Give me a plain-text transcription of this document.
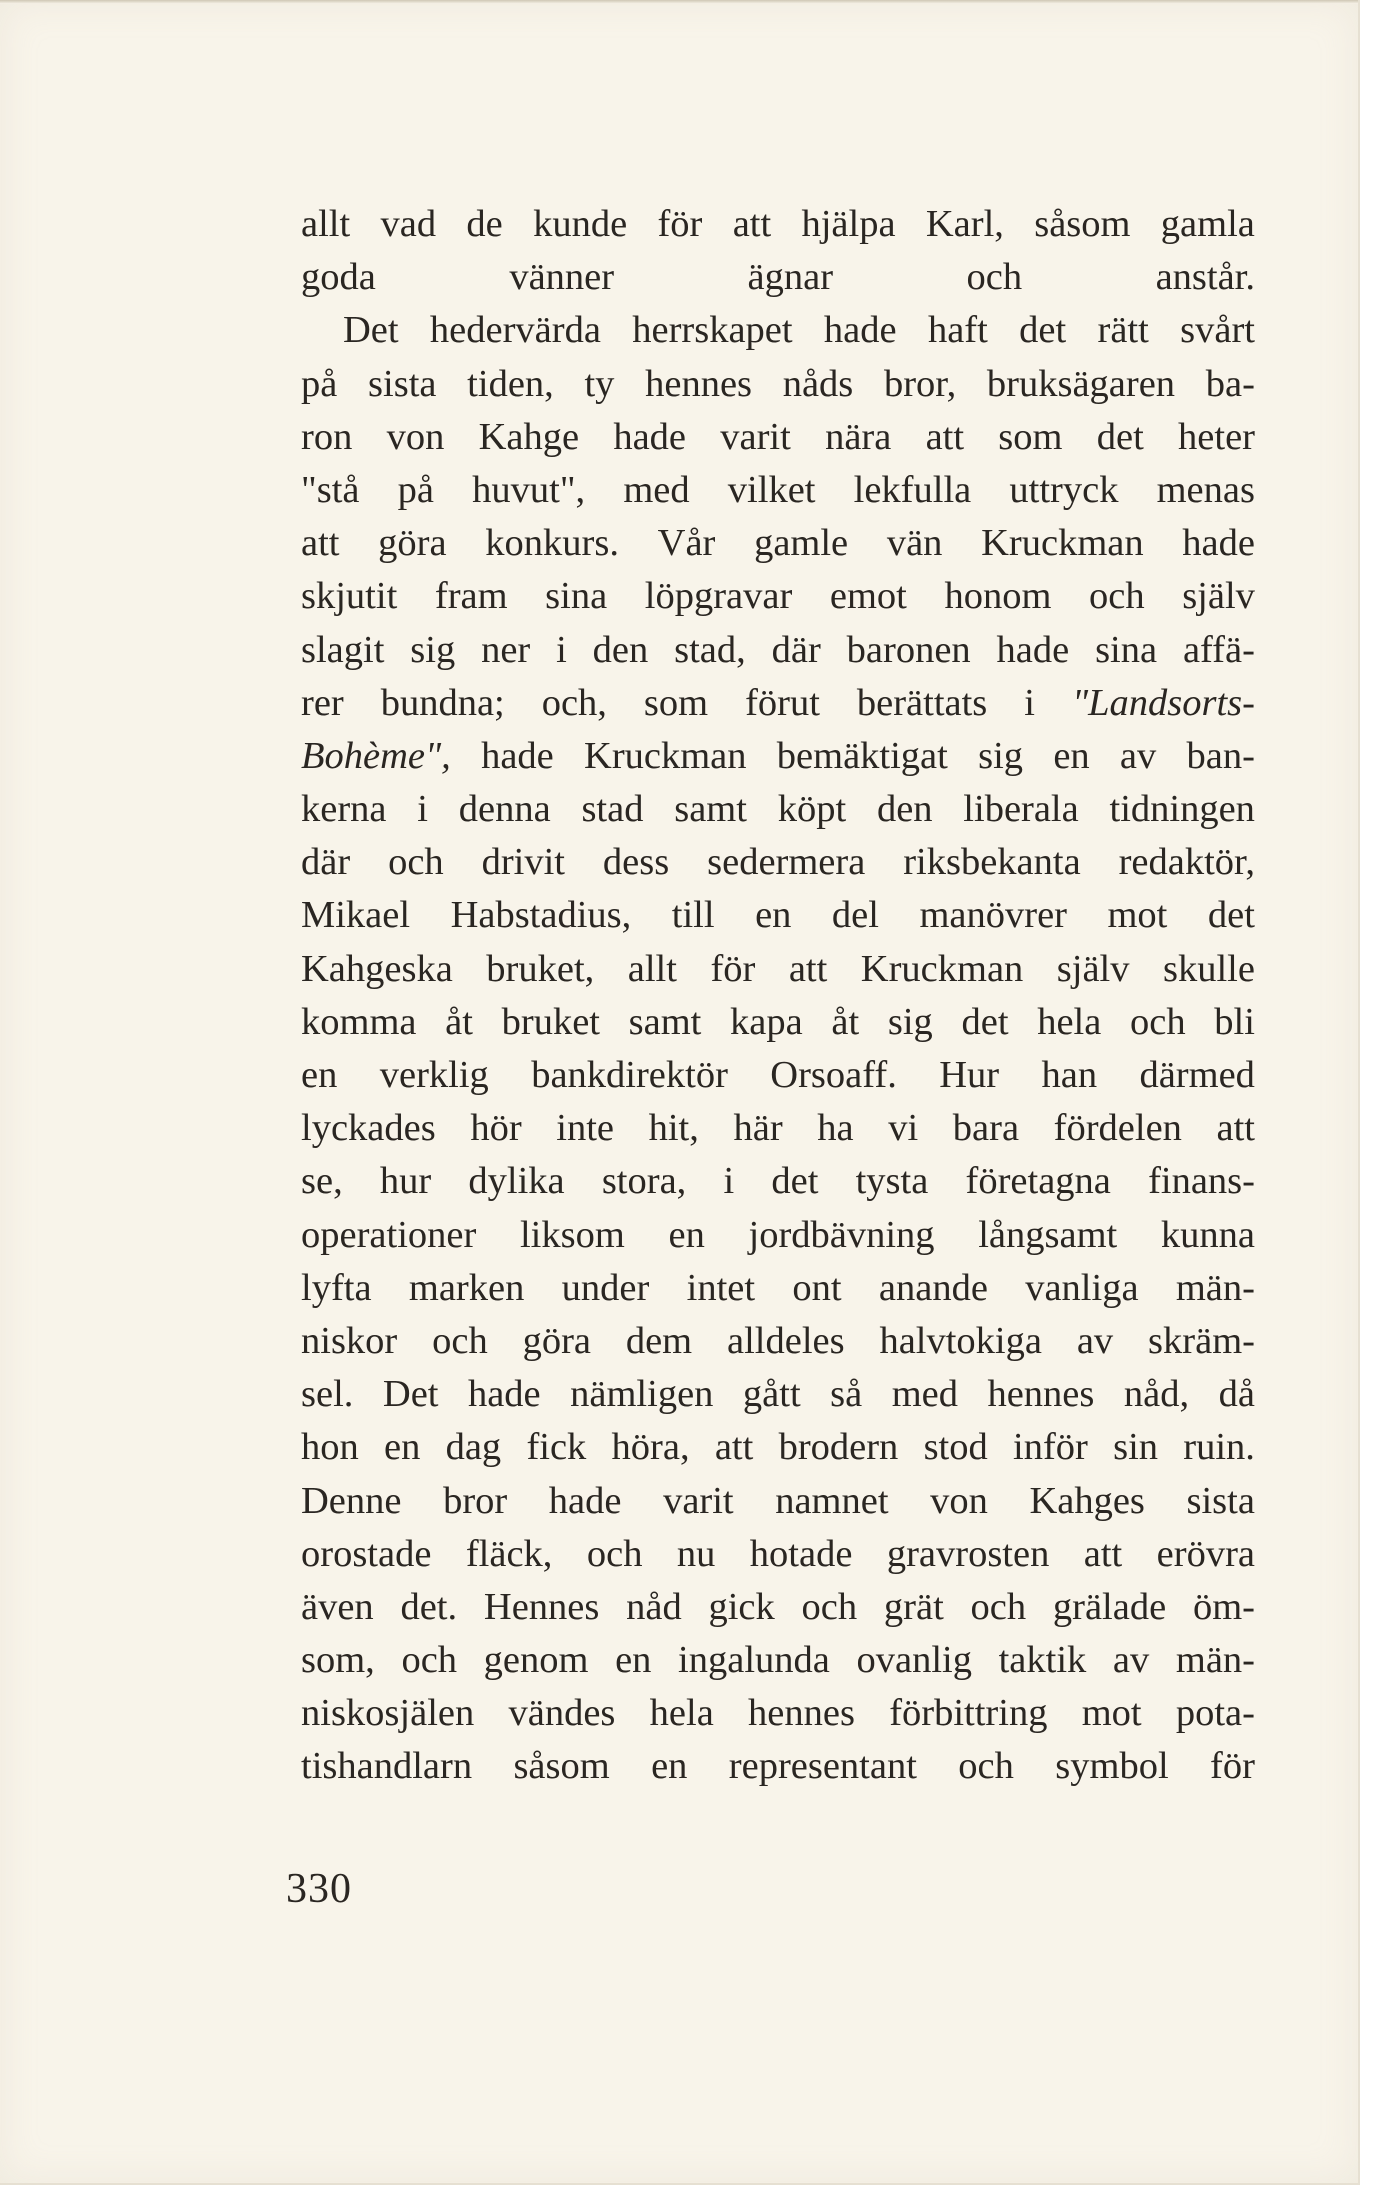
allt vad de kunde för att hjälpa Karl, såsom gamla
goda	vänner	ägnar	och	anstår.
Det hedervärda herrskapet hade haft det rätt svårt
på sista tiden, ty hennes nåds bror, bruksägaren ba-
ron von Kahge hade varit nära att som det heter
"stå på huvut", med vilket lekfulla uttryck menas
att göra konkurs. Vår gamle vän Kruckman hade
skjutit fram sina löpgravar emot honom och själv
slagit sig ner i den stad, där baronen hade sina affä-
rer bundna; och, som förut berättats i "Landsorts-
Bohème", hade Kruckman bemäktigat sig en av ban-
kerna i denna stad samt köpt den liberala tidningen
där och drivit dess sedermera riksbekanta redaktör,
Mikael Habstadius, till en del manövrer mot det
Kahgeska bruket, allt för att Kruckman själv skulle
komma åt bruket samt kapa åt sig det hela och bli
en verklig bankdirektör Orsoaff. Hur han därmed
lyckades hör inte hit, här ha vi bara fördelen att
se, hur dylika stora, i det tysta företagna finans-
operationer liksom en jordbävning långsamt kunna
lyfta marken under intet ont anande vanliga män-
niskor och göra dem alldeles halvtokiga av skräm-
sel. Det hade nämligen gått så med hennes nåd, då
hon en dag fick höra, att brodern stod inför sin ruin.
Denne bror hade varit namnet von Kahges sista
orostade fläck, och nu hotade gravrosten att erövra
även det. Hennes nåd gick och grät och grälade öm-
som, och genom en ingalunda ovanlig taktik av män-
niskosjälen vändes hela hennes förbittring mot pota-
tishandlarn såsom en representant och symbol för
330
